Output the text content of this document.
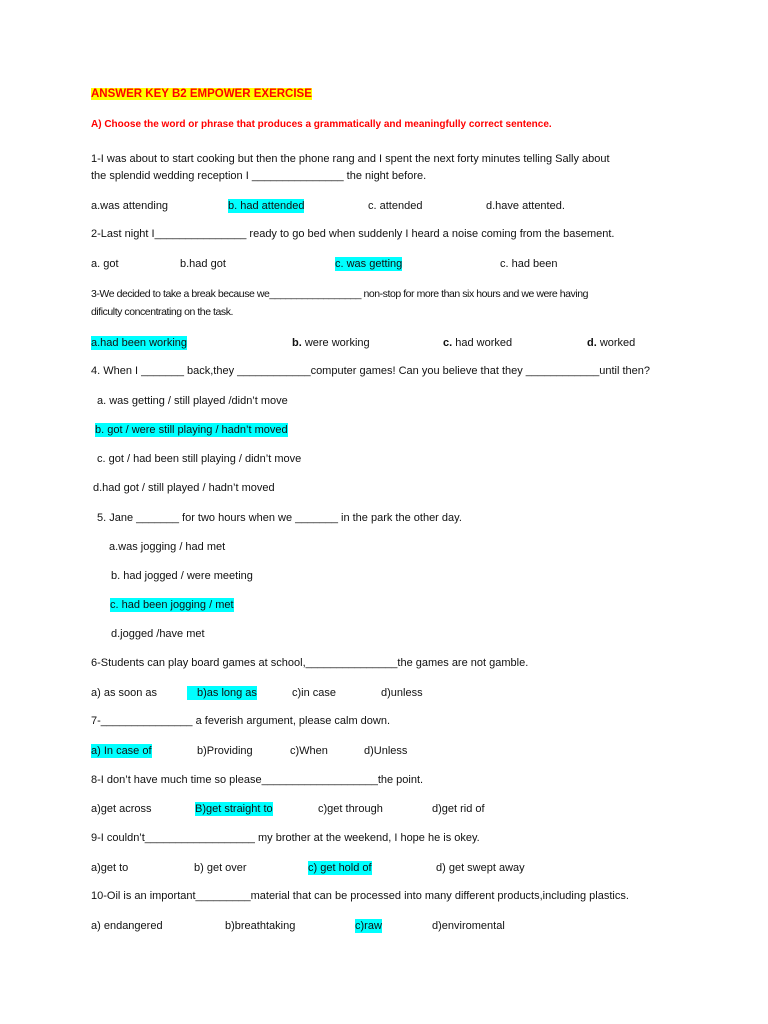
ANSWER KEY B2 EMPOWER EXERCISE
A) Choose the word or phrase that produces a grammatically and meaningfully correct sentence.
1-I was about to start cooking but then the phone rang and I spent the next forty minutes telling Sally about
the splendid wedding reception I _______________ the night before.
a.was attending	b. had attended	c. attended	d.have attented.
2-Last night I_______________ ready to go bed when suddenly I heard a noise coming from the basement.
a. got	b.had got	c. was getting	c. had been
3-We decided to take a break because we_________________ non-stop for more than six hours and we were having
dificulty concentrating on the task.
a.had been working	b. were working	c. had worked	d. worked
4. When I _______ back,they ____________computer games! Can you believe that they ____________until then?
a. was getting / still played /didn’t move
b. got / were still playing / hadn’t moved
c. got / had been still playing / didn’t move
d.had got / still played / hadn’t moved
5. Jane _______ for two hours when we _______ in the park the other day.
a.was jogging / had met
b. had jogged / were meeting
c. had been jogging / met
d.jogged /have met
6-Students can play board games at school,_______________the games are not gamble.
a) as soon as	b)as long as	c)in case	d)unless
7-_______________ a feverish argument, please calm down.
a) In case of	b)Providing	c)When	d)Unless
8-I don’t have much time so please___________________the point.
a)get across	B)get straight to	c)get through	d)get rid of
9-I couldn’t__________________ my brother at the weekend, I hope he is okey.
a)get to	b) get over	c) get hold of	d) get swept away
10-Oil is an important_________material that can be processed into many different products,including plastics.
a) endangered	b)breathtaking	c)raw	d)enviromental
